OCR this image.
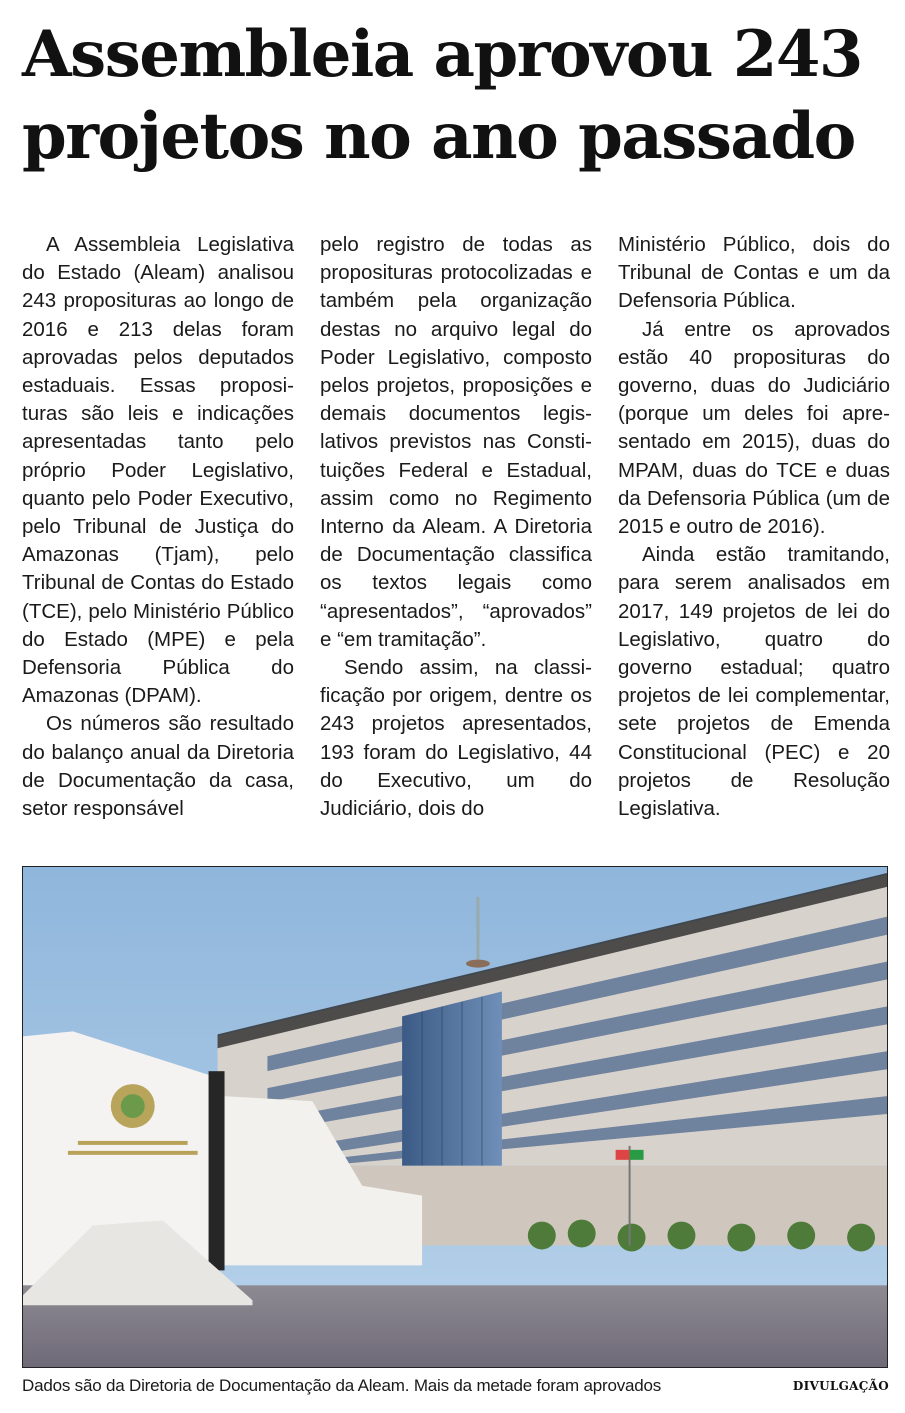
Assembleia aprovou 243 projetos no ano passado

A Assembleia Legislativa do Estado (Aleam) analisou 243 proposituras ao longo de 2016 e 213 delas foram aprovadas pelos deputados estaduais. Essas proposituras são leis e indicações apresentadas tanto pelo próprio Poder Legislativo, quanto pelo Poder Executivo, pelo Tribunal de Justiça do Amazonas (Tjam), pelo Tribunal de Contas do Estado (TCE), pelo Ministério Público do Estado (MPE) e pela Defensoria Pública do Amazonas (DPAM).

Os números são resultado do balanço anual da Diretoria de Documentação da casa, setor responsável

pelo registro de todas as proposituras protocolizadas e também pela organização destas no arquivo legal do Poder Legislativo, composto pelos projetos, proposições e demais documentos legislativos previstos nas Constituições Federal e Estadual, assim como no Regimento Interno da Aleam. A Diretoria de Documentação classifica os textos legais como “apresentados”, “aprovados” e “em tramitação”.

Sendo assim, na classificação por origem, dentre os 243 projetos apresentados, 193 foram do Legislativo, 44 do Executivo, um do Judiciário, dois do

Ministério Público, dois do Tribunal de Contas e um da Defensoria Pública.

Já entre os aprovados estão 40 proposituras do governo, duas do Judiciário (porque um deles foi apresentado em 2015), duas do MPAM, duas do TCE e duas da Defensoria Pública (um de 2015 e outro de 2016).

Ainda estão tramitando, para serem analisados em 2017, 149 projetos de lei do Legislativo, quatro do governo estadual; quatro projetos de lei complementar, sete projetos de Emenda Constitucional (PEC) e 20 projetos de Resolução Legislativa.

Dados são da Diretoria de Documentação da Aleam. Mais da metade foram aprovados	DIVULGAÇÃO
